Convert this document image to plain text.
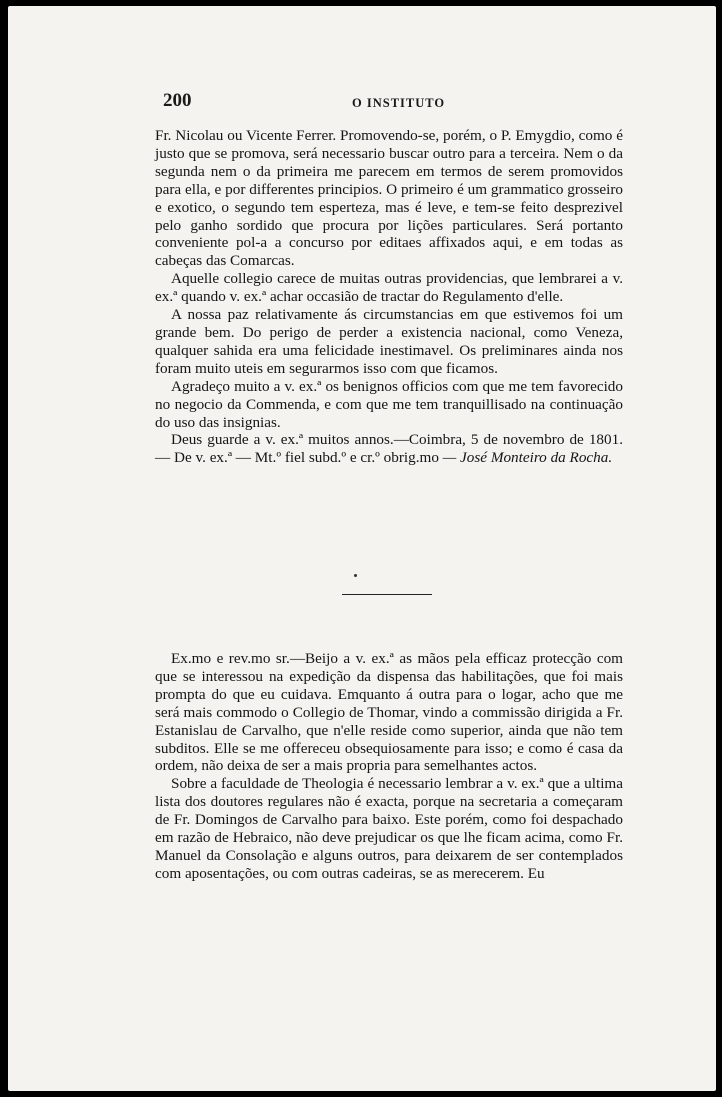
200	O INSTITUTO

Fr. Nicolau ou Vicente Ferrer. Promovendo-se, porém, o P. Emygdio, como é justo que se promova, será necessario buscar outro para a terceira. Nem o da segunda nem o da primeira me parecem em termos de serem promovidos para ella, e por differentes principios. O primeiro é um grammatico grosseiro e exotico, o segundo tem esperteza, mas é leve, e tem-se feito desprezivel pelo ganho sordido que procura por lições particulares. Será portanto conveniente pol-a a concurso por editaes affixados aqui, e em todas as cabeças das Comarcas.

Aquelle collegio carece de muitas outras providencias, que lembrarei a v. ex.ª quando v. ex.ª achar occasião de tractar do Regulamento d'elle.

A nossa paz relativamente ás circumstancias em que estivemos foi um grande bem. Do perigo de perder a existencia nacional, como Veneza, qualquer sahida era uma felicidade inestimavel. Os preliminares ainda nos foram muito uteis em segurarmos isso com que ficamos.

Agradeço muito a v. ex.ª os benignos officios com que me tem favorecido no negocio da Commenda, e com que me tem tranquillisado na continuação do uso das insignias.

Deus guarde a v. ex.ª muitos annos.—Coimbra, 5 de novembro de 1801. — De v. ex.ª — Mt.º fiel subd.º e cr.º obrig.mo — José Monteiro da Rocha.

Ex.mo e rev.mo sr.—Beijo a v. ex.ª as mãos pela efficaz protecção com que se interessou na expedição da dispensa das habilitações, que foi mais prompta do que eu cuidava. Emquanto á outra para o logar, acho que me será mais commodo o Collegio de Thomar, vindo a commissão dirigida a Fr. Estanislau de Carvalho, que n'elle reside como superior, ainda que não tem subditos. Elle se me offereceu obsequiosamente para isso; e como é casa da ordem, não deixa de ser a mais propria para semelhantes actos.

Sobre a faculdade de Theologia é necessario lembrar a v. ex.ª que a ultima lista dos doutores regulares não é exacta, porque na secretaria a começaram de Fr. Domingos de Carvalho para baixo. Este porém, como foi despachado em razão de Hebraico, não deve prejudicar os que lhe ficam acima, como Fr. Manuel da Consolação e alguns outros, para deixarem de ser contemplados com aposentações, ou com outras cadeiras, se as merecerem. Eu
